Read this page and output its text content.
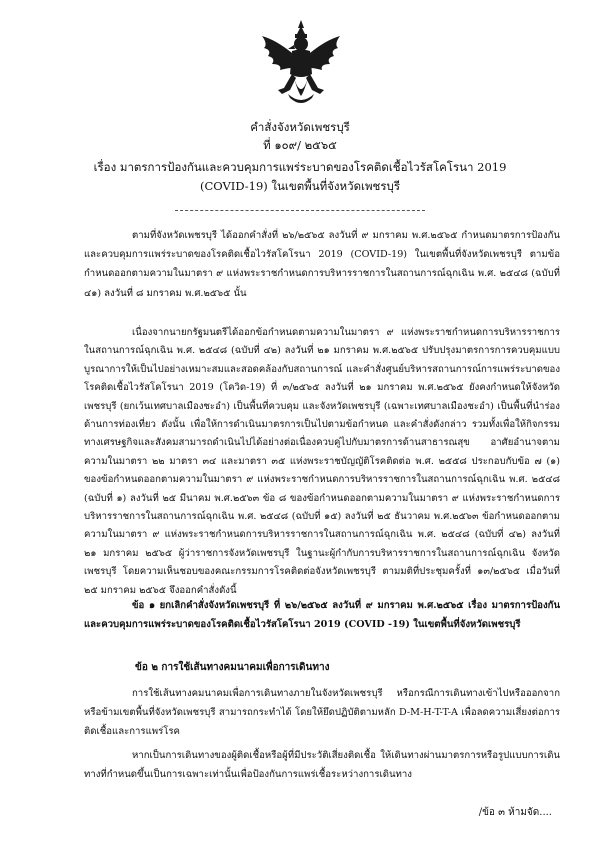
คำสั่งจังหวัดเพชรบุรี
ที่ ๑๐๙/ ๒๕๖๕
เรื่อง มาตรการป้องกันและควบคุมการแพร่ระบาดของโรคติดเชื้อไวรัสโคโรนา 2019
(COVID-19) ในเขตพื้นที่จังหวัดเพชรบุรี

ตามที่จังหวัดเพชรบุรี ได้ออกคำสั่งที่ ๒๖/๒๕๖๕ ลงวันที่ ๙ มกราคม พ.ศ.๒๕๖๕ กำหนดมาตรการป้องกันและควบคุมการแพร่ระบาดของโรคติดเชื้อไวรัสโคโรนา 2019 (COVID-19) ในเขตพื้นที่จังหวัดเพชรบุรี ตามข้อกำหนดออกตามความในมาตรา ๙ แห่งพระราชกำหนดการบริหารราชการในสถานการณ์ฉุกเฉิน พ.ศ. ๒๕๔๘ (ฉบับที่ ๔๑) ลงวันที่ ๘ มกราคม พ.ศ.๒๕๖๕ นั้น

เนื่องจากนายกรัฐมนตรีได้ออกข้อกำหนดตามความในมาตรา ๙ แห่งพระราชกำหนดการบริหารราชการในสถานการณ์ฉุกเฉิน พ.ศ. ๒๕๔๘ (ฉบับที่ ๔๒) ลงวันที่ ๒๑ มกราคม พ.ศ.๒๕๖๕ ปรับปรุงมาตรการการควบคุมแบบบูรณาการให้เป็นไปอย่างเหมาะสมและสอดคล้องกับสถานการณ์ และคำสั่งศูนย์บริหารสถานการณ์การแพร่ระบาดของโรคติดเชื้อไวรัสโคโรนา 2019 (โควิด-19) ที่ ๓/๒๕๖๕ ลงวันที่ ๒๑ มกราคม พ.ศ.๒๕๖๕ ยังคงกำหนดให้จังหวัดเพชรบุรี (ยกเว้นเทศบาลเมืองชะอำ) เป็นพื้นที่ควบคุม และจังหวัดเพชรบุรี (เฉพาะเทศบาลเมืองชะอำ) เป็นพื้นที่นำร่องด้านการท่องเที่ยว ดังนั้น เพื่อให้การดำเนินมาตรการเป็นไปตามข้อกำหนด และคำสั่งดังกล่าว รวมทั้งเพื่อให้กิจกรรมทางเศรษฐกิจและสังคมสามารถดำเนินไปได้อย่างต่อเนื่องควบคู่ไปกับมาตรการด้านสาธารณสุข อาศัยอำนาจตามความในมาตรา ๒๒ มาตรา ๓๔ และมาตรา ๓๕ แห่งพระราชบัญญัติโรคติดต่อ พ.ศ. ๒๕๕๘ ประกอบกับข้อ ๗ (๑) ของข้อกำหนดออกตามความในมาตรา ๙ แห่งพระราชกำหนดการบริหารราชการในสถานการณ์ฉุกเฉิน พ.ศ. ๒๕๔๘ (ฉบับที่ ๑) ลงวันที่ ๒๕ มีนาคม พ.ศ.๒๕๖๓ ข้อ ๘ ของข้อกำหนดออกตามความในมาตรา ๙ แห่งพระราชกำหนดการบริหารราชการในสถานการณ์ฉุกเฉิน พ.ศ. ๒๕๔๘ (ฉบับที่ ๑๕) ลงวันที่ ๒๕ ธันวาคม พ.ศ.๒๕๖๓ ข้อกำหนดออกตามความในมาตรา ๙ แห่งพระราชกำหนดการบริหารราชการในสถานการณ์ฉุกเฉิน พ.ศ. ๒๕๔๘ (ฉบับที่ ๔๒) ลงวันที่ ๒๑ มกราคม ๒๕๖๕ ผู้ว่าราชการจังหวัดเพชรบุรี ในฐานะผู้กำกับการบริหารราชการในสถานการณ์ฉุกเฉิน จังหวัดเพชรบุรี โดยความเห็นชอบของคณะกรรมการโรคติดต่อจังหวัดเพชรบุรี ตามมติที่ประชุมครั้งที่ ๑๓/๒๕๖๕ เมื่อวันที่ ๒๕ มกราคม ๒๕๖๕ จึงออกคำสั่งดังนี้

ข้อ ๑ ยกเลิกคำสั่งจังหวัดเพชรบุรี ที่ ๒๖/๒๕๖๕ ลงวันที่ ๙ มกราคม พ.ศ.๒๕๖๕ เรื่อง มาตรการป้องกันและควบคุมการแพร่ระบาดของโรคติดเชื้อไวรัสโคโรนา 2019 (COVID -19) ในเขตพื้นที่จังหวัดเพชรบุรี

ข้อ ๒ การใช้เส้นทางคมนาคมเพื่อการเดินทาง

การใช้เส้นทางคมนาคมเพื่อการเดินทางภายในจังหวัดเพชรบุรี หรือกรณีการเดินทางเข้าไปหรือออกจาก หรือข้ามเขตพื้นที่จังหวัดเพชรบุรี สามารถกระทำได้ โดยให้ยึดปฏิบัติตามหลัก D-M-H-T-T-A เพื่อลดความเสี่ยงต่อการติดเชื้อและการแพร่โรค

หากเป็นการเดินทางของผู้ติดเชื้อหรือผู้ที่มีประวัติเสี่ยงติดเชื้อ ให้เดินทางผ่านมาตรการหรือรูปแบบการเดินทางที่กำหนดขึ้นเป็นการเฉพาะเท่านั้นเพื่อป้องกันการแพร่เชื้อระหว่างการเดินทาง

/ข้อ ๓ ห้ามจัด....
